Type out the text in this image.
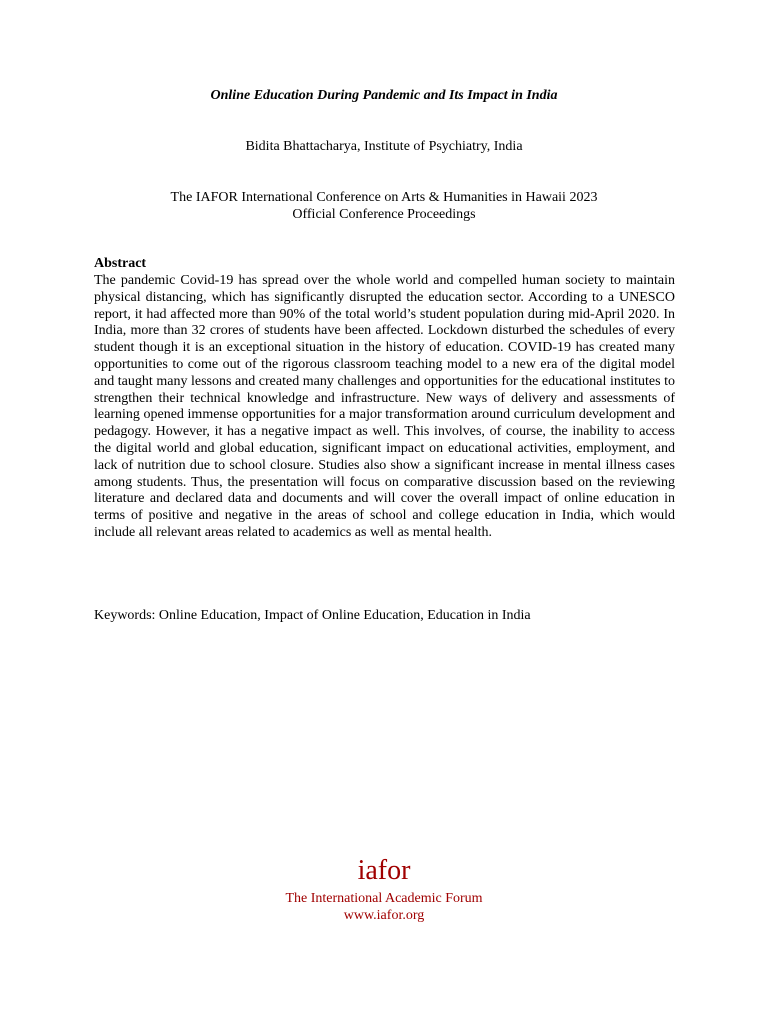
Online Education During Pandemic and Its Impact in India
Bidita Bhattacharya, Institute of Psychiatry, India
The IAFOR International Conference on Arts & Humanities in Hawaii 2023
Official Conference Proceedings
Abstract
The pandemic Covid-19 has spread over the whole world and compelled human society to maintain physical distancing, which has significantly disrupted the education sector. According to a UNESCO report, it had affected more than 90% of the total world’s student population during mid-April 2020. In India, more than 32 crores of students have been affected. Lockdown disturbed the schedules of every student though it is an exceptional situation in the history of education. COVID-19 has created many opportunities to come out of the rigorous classroom teaching model to a new era of the digital model and taught many lessons and created many challenges and opportunities for the educational institutes to strengthen their technical knowledge and infrastructure. New ways of delivery and assessments of learning opened immense opportunities for a major transformation around curriculum development and pedagogy. However, it has a negative impact as well. This involves, of course, the inability to access the digital world and global education, significant impact on educational activities, employment, and lack of nutrition due to school closure. Studies also show a significant increase in mental illness cases among students. Thus, the presentation will focus on comparative discussion based on the reviewing literature and declared data and documents and will cover the overall impact of online education in terms of positive and negative in the areas of school and college education in India, which would include all relevant areas related to academics as well as mental health.
Keywords: Online Education, Impact of Online Education, Education in India
iafor
The International Academic Forum
www.iafor.org
